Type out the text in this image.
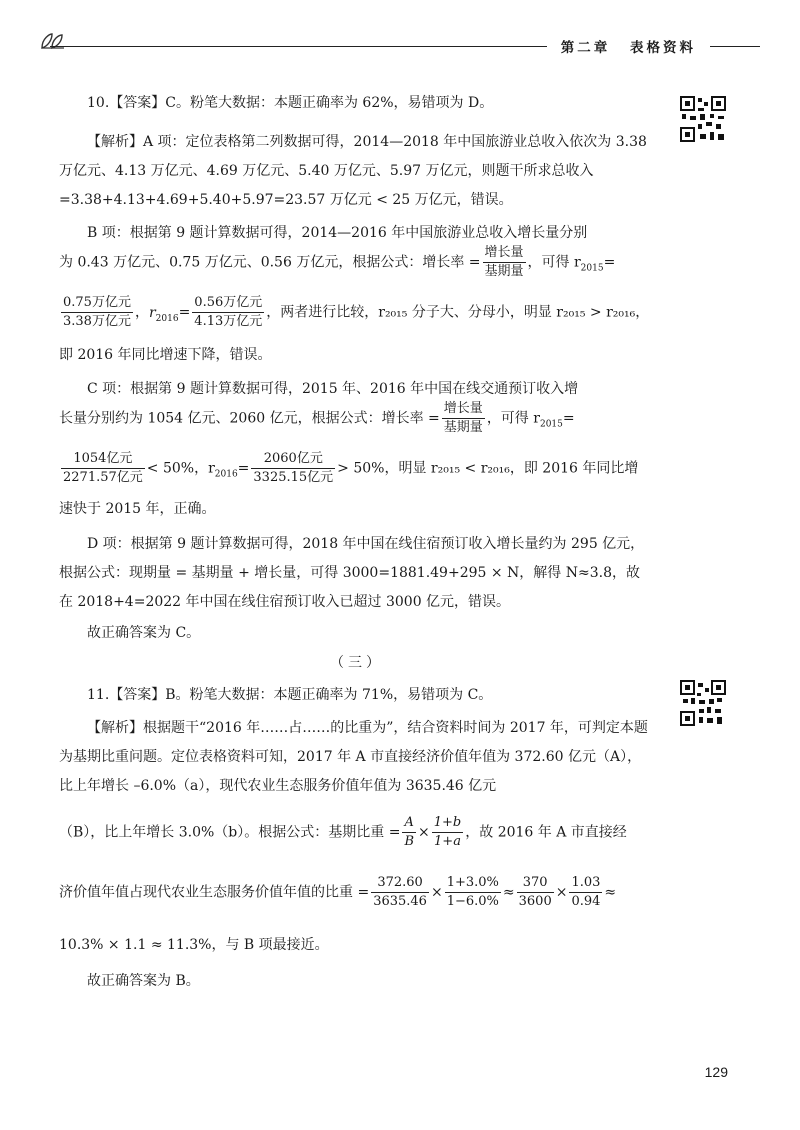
第二章 表格资料
10.【答案】C。粉笔大数据：本题正确率为 62%，易错项为 D。
【解析】A 项：定位表格第二列数据可得，2014—2018 年中国旅游业总收入依次为 3.38 万亿元、4.13 万亿元、4.69 万亿元、5.40 万亿元、5.97 万亿元，则题干所求总收入 =3.38+4.13+4.69+5.40+5.97=23.57 万亿元 < 25 万亿元，错误。
B 项：根据第 9 题计算数据可得，2014—2016 年中国旅游业总收入增长量分别
为 0.43 万亿元、0.75 万亿元、0.56 万亿元，根据公式：增长率 = $\frac{\text{增长量}}{\text{基期量}}$ ，可得 $r_{2015}=$
$\frac{\text{0.75万亿元}}{\text{3.38万亿元}}$ ，$r_{2016}= \frac{\text{0.56万亿元}}{\text{4.13万亿元}}$ ，两者进行比较，r₂₀₁₅ 分子大、分母小，明显 r₂₀₁₅ > r₂₀₁₆，
即 2016 年同比增速下降，错误。
C 项：根据第 9 题计算数据可得，2015 年、2016 年中国在线交通预订收入增
长量分别约为 1054 亿元、2060 亿元，根据公式：增长率 = $\frac{\text{增长量}}{\text{基期量}}$ ，可得 $r_{2015}=$
$\frac{\text{1054亿元}}{\text{2271.57亿元}} < 50\%$，$r_{2016}= \frac{\text{2060亿元}}{\text{3325.15亿元}} > 50\%$，明显 r₂₀₁₅ < r₂₀₁₆，即 2016 年同比增
速快于 2015 年，正确。
D 项：根据第 9 题计算数据可得，2018 年中国在线住宿预订收入增长量约为 295 亿元，根据公式：现期量 = 基期量 + 增长量，可得 3000=1881.49+295 × N，解得 N≈3.8，故在 2018+4=2022 年中国在线住宿预订收入已超过 3000 亿元，错误。
故正确答案为 C。
（三）
11.【答案】B。粉笔大数据：本题正确率为 71%，易错项为 C。
【解析】根据题干“2016 年……占……的比重为”，结合资料时间为 2017 年，可判定本题为基期比重问题。定位表格资料可知，2017 年 A 市直接经济价值年值为 372.60 亿元（A），比上年增长 –6.0%（a），现代农业生态服务价值年值为 3635.46 亿元
（B），比上年增长 3.0%（b）。根据公式：基期比重 = $\frac{A}{B} \times \frac{1+b}{1+a}$ ，故 2016 年 A 市直接经
济价值年值占现代农业生态服务价值年值的比重 = $\frac{372.60}{3635.46} \times \frac{1+3.0\%}{1-6.0\%} \approx \frac{370}{3600} \times \frac{1.03}{0.94}$ ≈
10.3% × 1.1 ≈ 11.3%，与 B 项最接近。
故正确答案为 B。
129
